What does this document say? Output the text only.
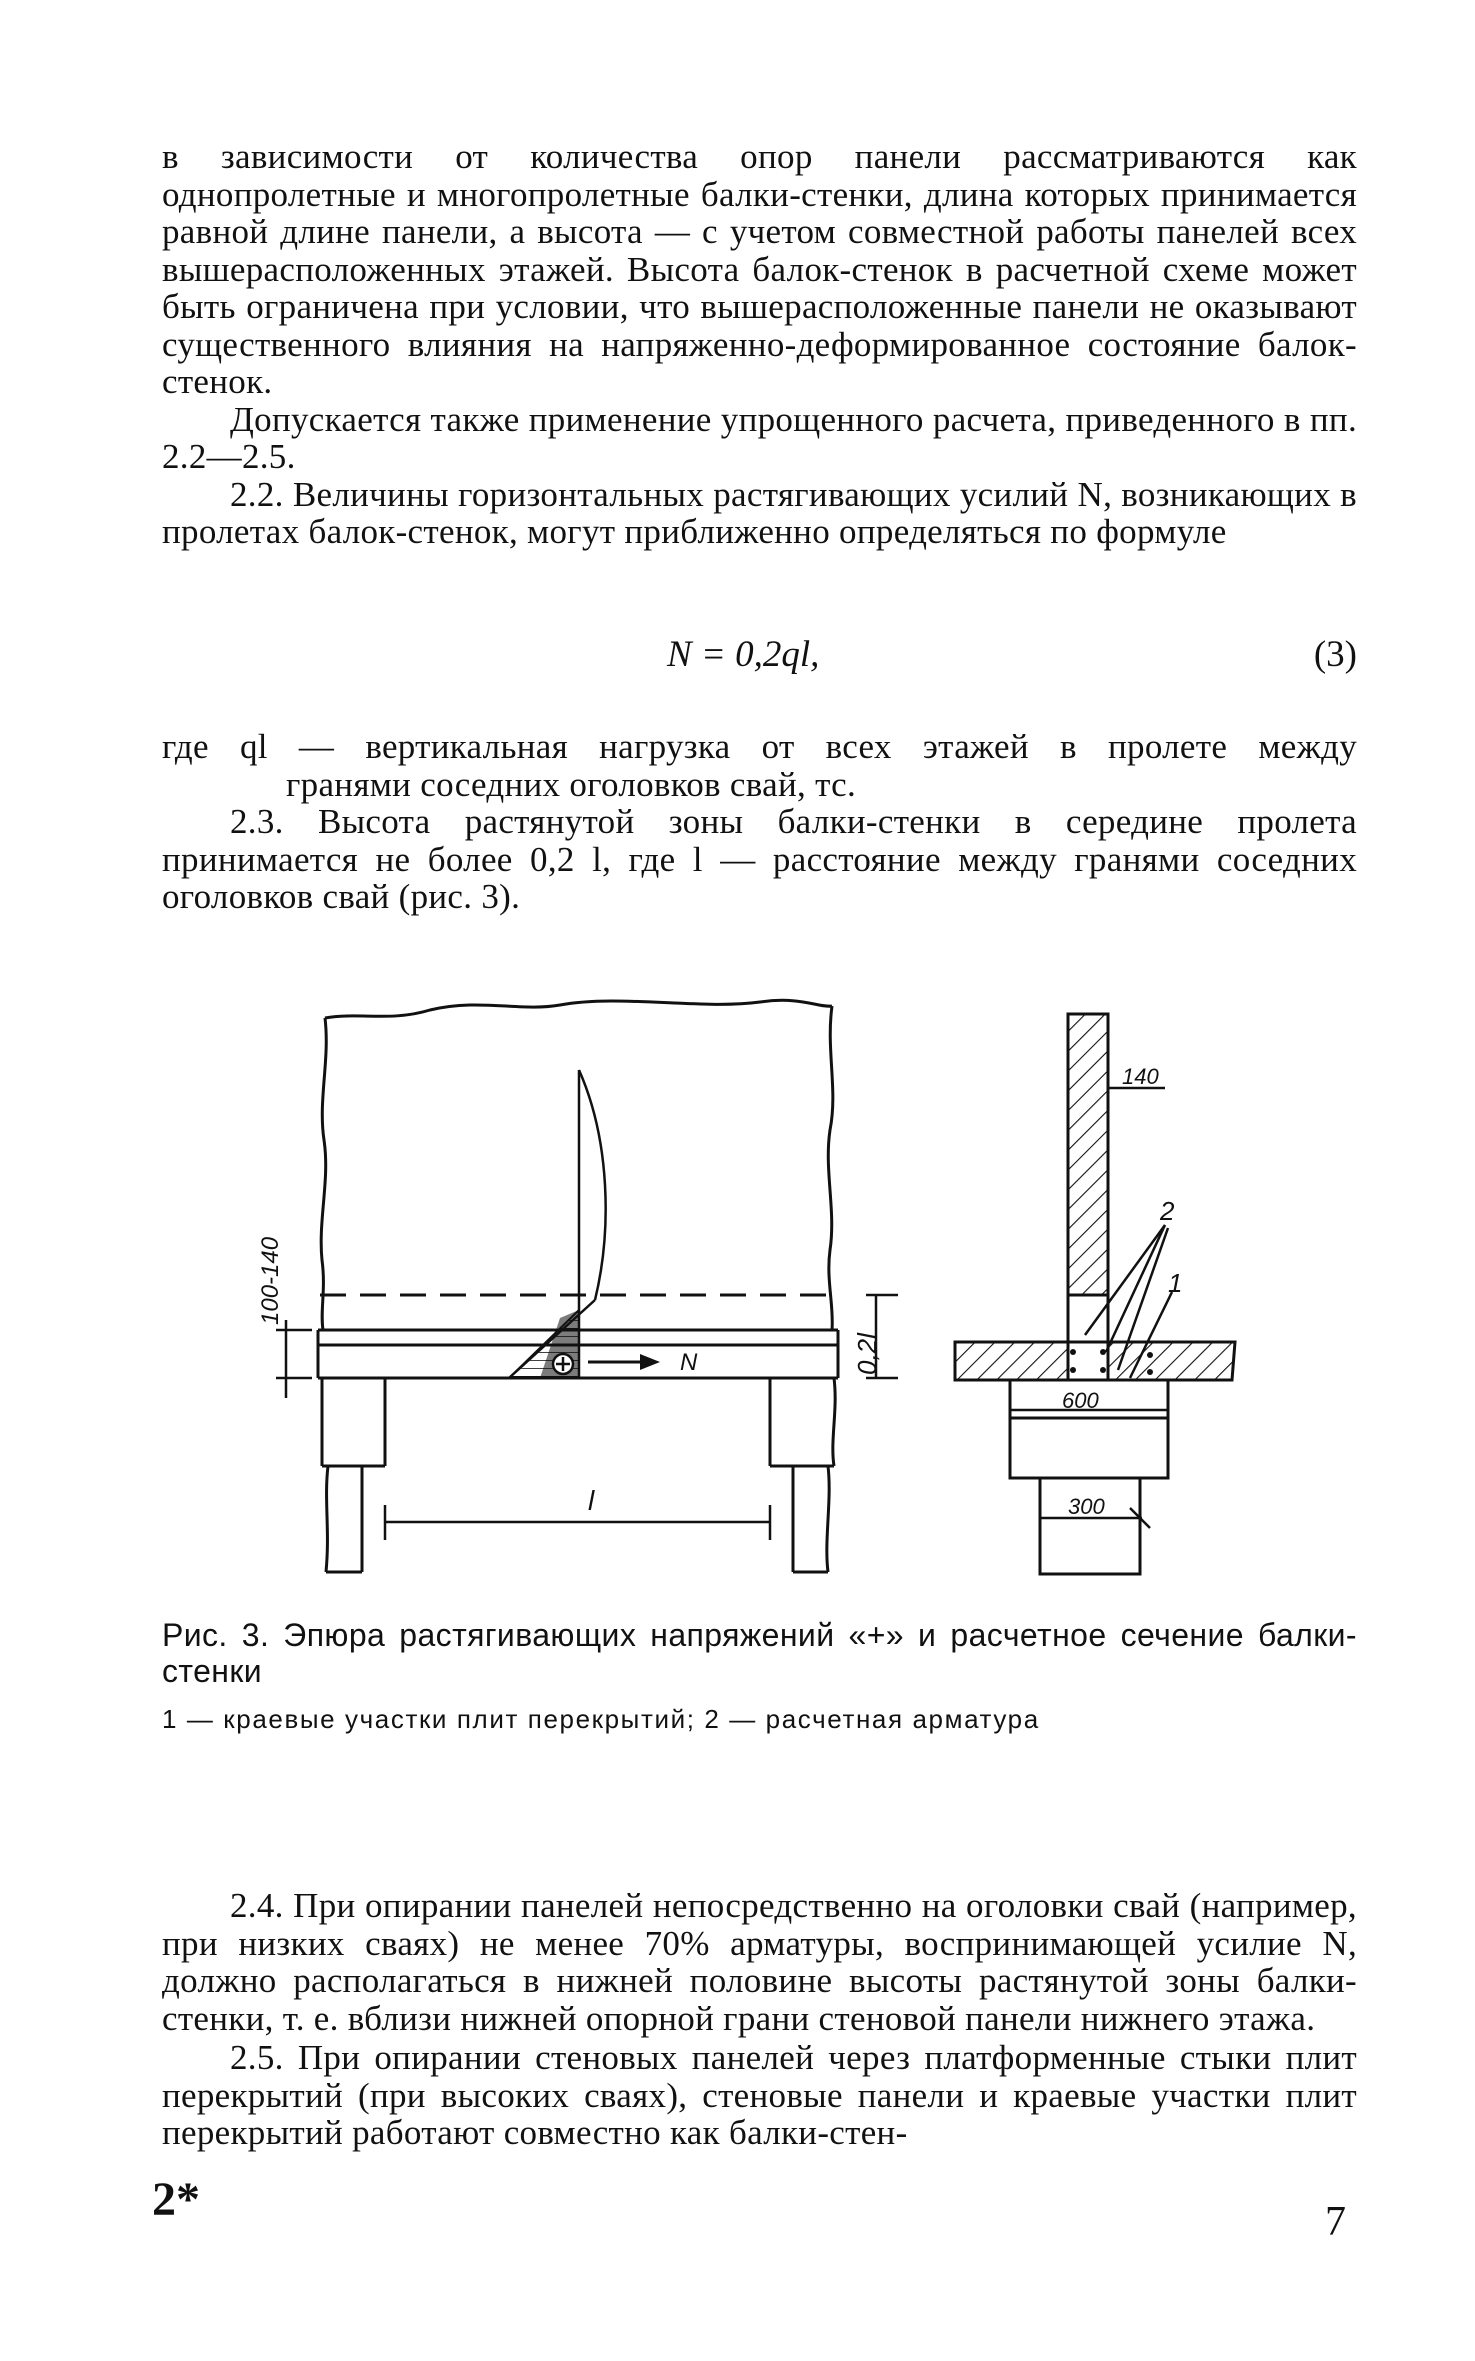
в зависимости от количества опор панели рассматриваются как однопролетные и многопролетные балки-стенки, длина которых принимается равной длине панели, а высота — с учетом совместной работы панелей всех вышерасположенных этажей. Высота балок-стенок в расчетной схеме может быть ограничена при условии, что вышерасположенные панели не оказывают существенного влияния на напряженно-деформированное состояние балок-стенок.

Допускается также применение упрощенного расчета, приведенного в пп. 2.2—2.5.

2.2. Величины горизонтальных растягивающих усилий N, возникающих в пролетах балок-стенок, могут приближенно определяться по формуле

N = 0,2ql,	(3)
где ql — вертикальная нагрузка от всех этажей в пролете между
гранями соседних оголовков свай, тс.

2.3. Высота растянутой зоны балки-стенки в середине пролета принимается не более 0,2 l, где l — расстояние между гранями соседних оголовков свай (рис. 3).

N
100-140
0,2l
l
140
2
1
600
300
Рис. 3. Эпюра растягивающих напряжений «+» и расчетное сечение балки-стенки
1 — краевые участки плит перекрытий; 2 — расчетная арматура

2.4. При опирании панелей непосредственно на оголовки свай (например, при низких сваях) не менее 70% арматуры, воспринимающей усилие N, должно располагаться в нижней половине высоты растянутой зоны балки-стенки, т. е. вблизи нижней опорной грани стеновой панели нижнего этажа.

2.5. При опирании стеновых панелей через платформенные стыки плит перекрытий (при высоких сваях), стеновые панели и краевые участки плит перекрытий работают совместно как балки-стен-

2*	7
